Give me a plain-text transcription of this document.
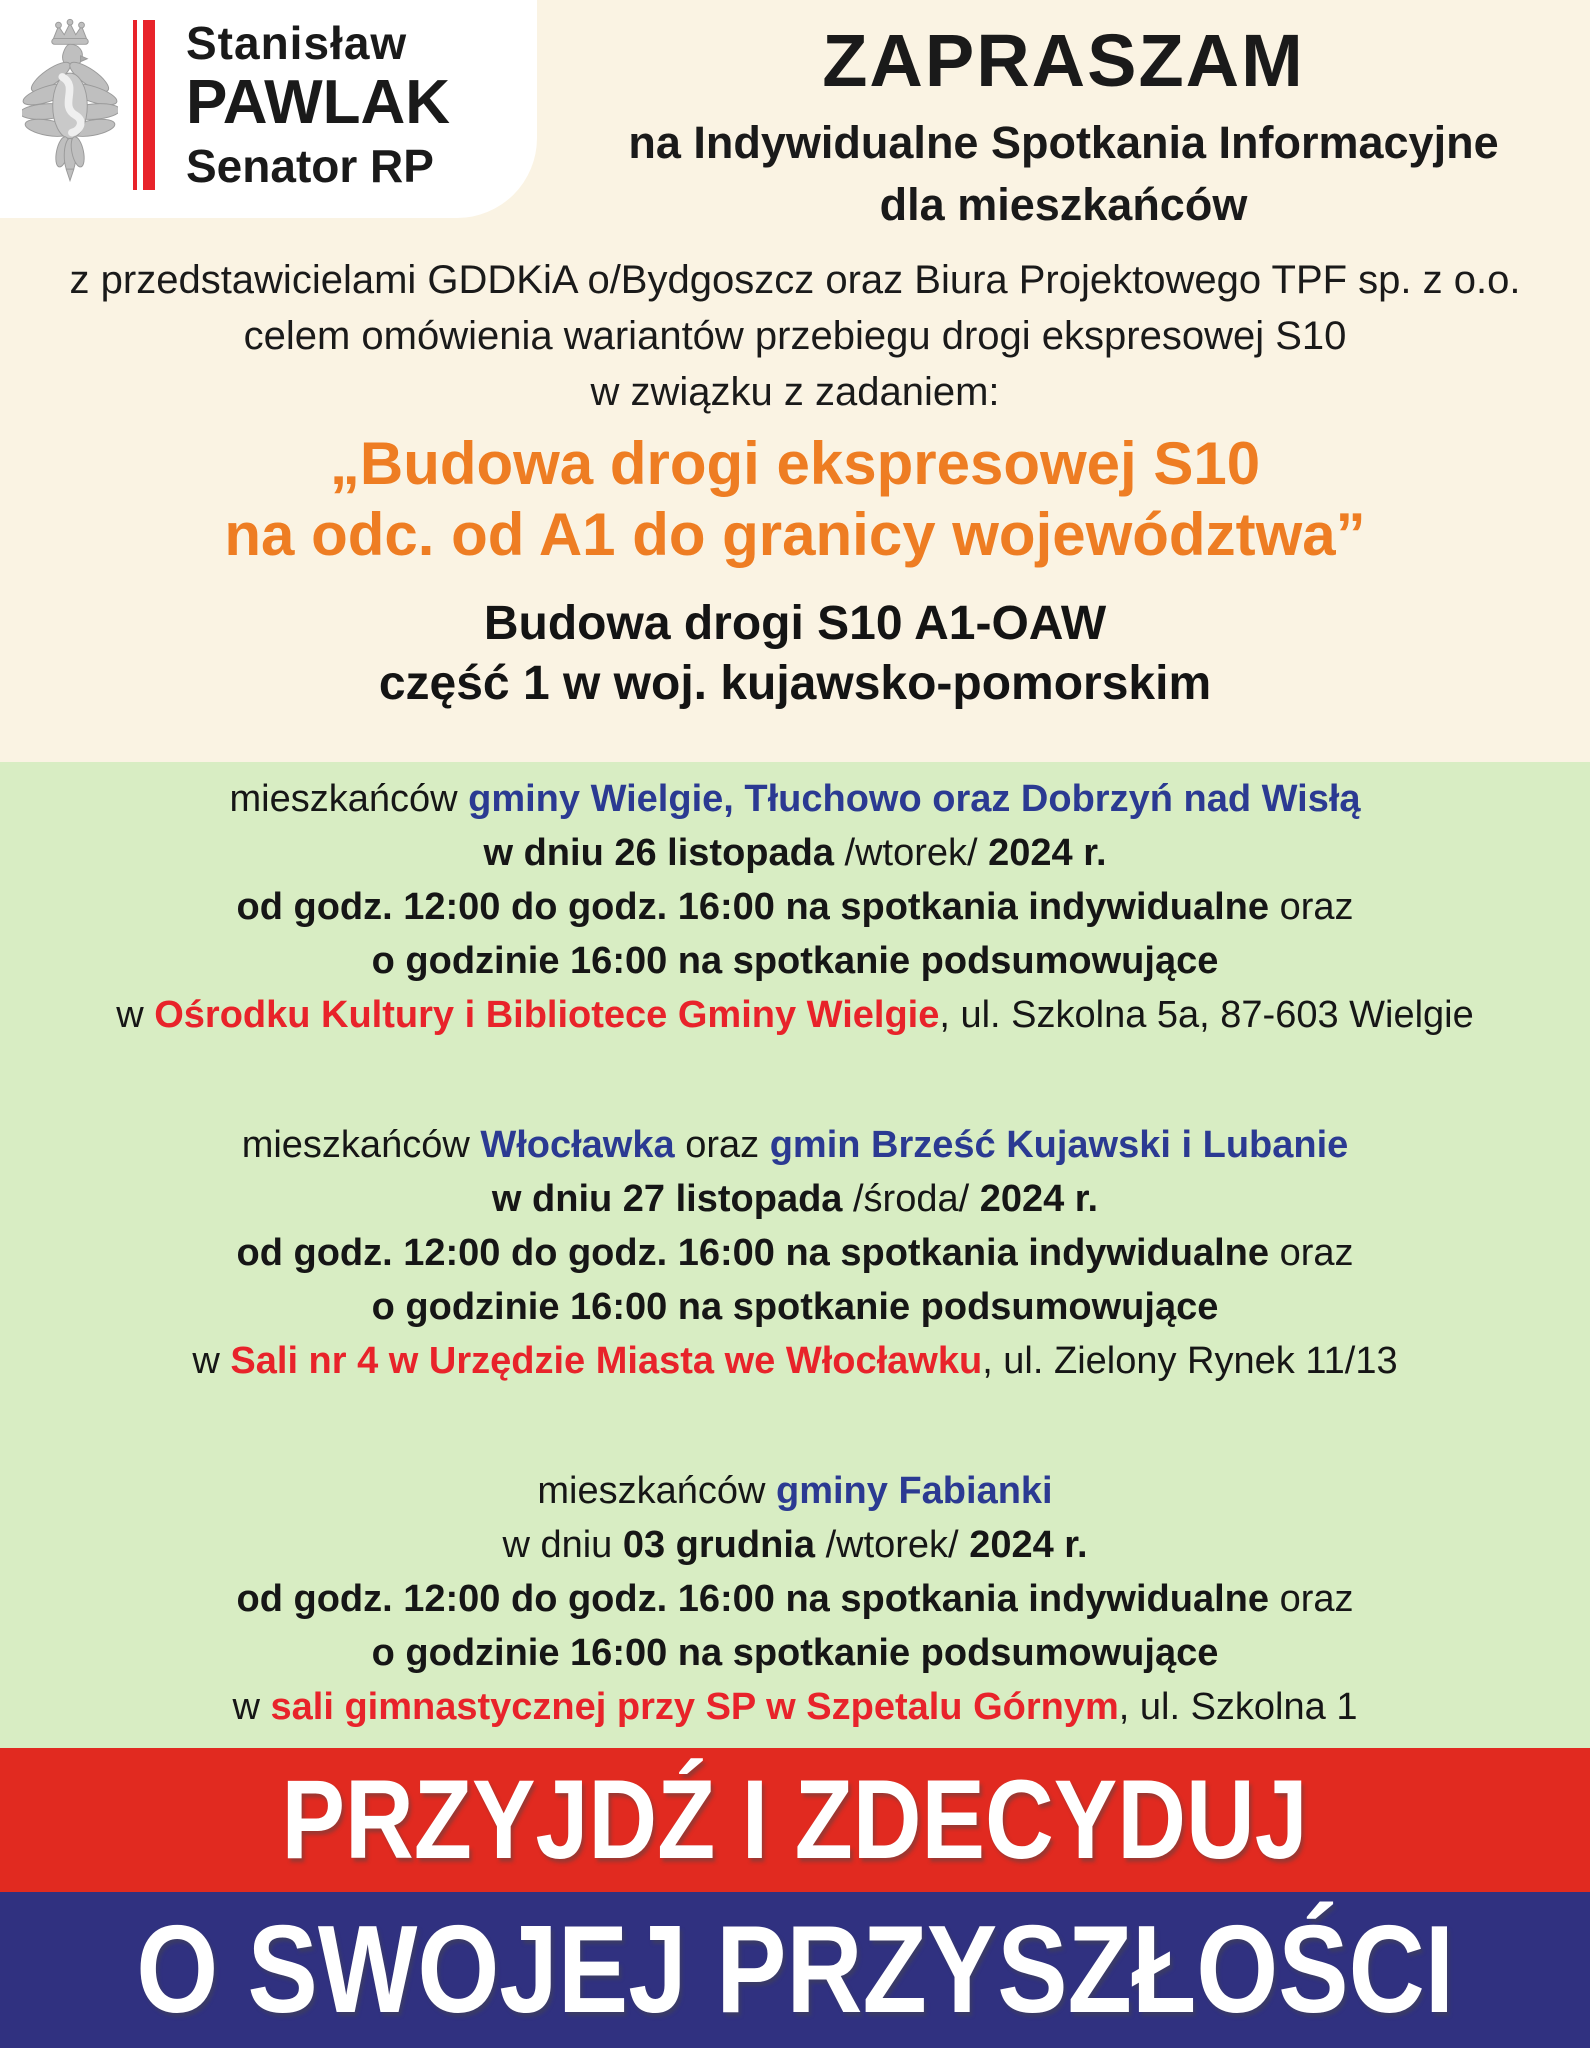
Stanisław
PAWLAK
Senator RP
ZAPRASZAM
na Indywidualne Spotkania Informacyjne
dla mieszkańców
z przedstawicielami GDDKiA o/Bydgoszcz oraz Biura Projektowego TPF sp. z o.o.
celem omówienia wariantów przebiegu drogi ekspresowej S10
w związku z zadaniem:
„Budowa drogi ekspresowej S10
na odc. od A1 do granicy województwa”
Budowa drogi S10 A1-OAW
część 1 w woj. kujawsko-pomorskim
mieszkańców gminy Wielgie, Tłuchowo oraz Dobrzyń nad Wisłą
w dniu 26 listopada /wtorek/ 2024 r.
od godz. 12:00 do godz. 16:00 na spotkania indywidualne oraz
o godzinie 16:00 na spotkanie podsumowujące
w Ośrodku Kultury i Bibliotece Gminy Wielgie, ul. Szkolna 5a, 87-603 Wielgie
mieszkańców Włocławka oraz gmin Brześć Kujawski i Lubanie
w dniu 27 listopada /środa/ 2024 r.
od godz. 12:00 do godz. 16:00 na spotkania indywidualne oraz
o godzinie 16:00 na spotkanie podsumowujące
w Sali nr 4 w Urzędzie Miasta we Włocławku, ul. Zielony Rynek 11/13
mieszkańców gminy Fabianki
w dniu 03 grudnia /wtorek/ 2024 r.
od godz. 12:00 do godz. 16:00 na spotkania indywidualne oraz
o godzinie 16:00 na spotkanie podsumowujące
w sali gimnastycznej przy SP w Szpetalu Górnym, ul. Szkolna 1
PRZYJDŹ I ZDECYDUJ
O SWOJEJ PRZYSZŁOŚCI
